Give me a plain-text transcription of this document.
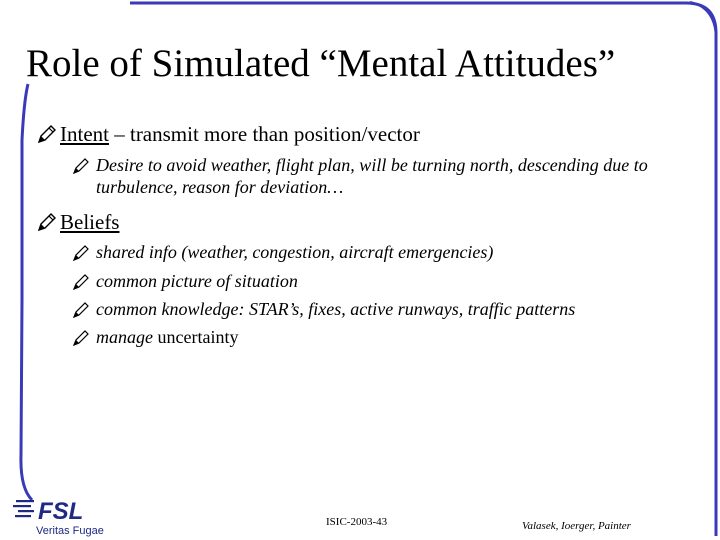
Role of Simulated “Mental Attitudes”
Intent – transmit more than position/vector
Desire to avoid weather, flight plan, will be turning north, descending due to turbulence, reason for deviation…
Beliefs
shared info (weather, congestion, aircraft emergencies)
common picture of situation
common knowledge: STAR’s, fixes, active runways, traffic patterns
manage uncertainty
FSL
Veritas Fugae
ISIC-2003-43	Valasek, Ioerger, Painter
